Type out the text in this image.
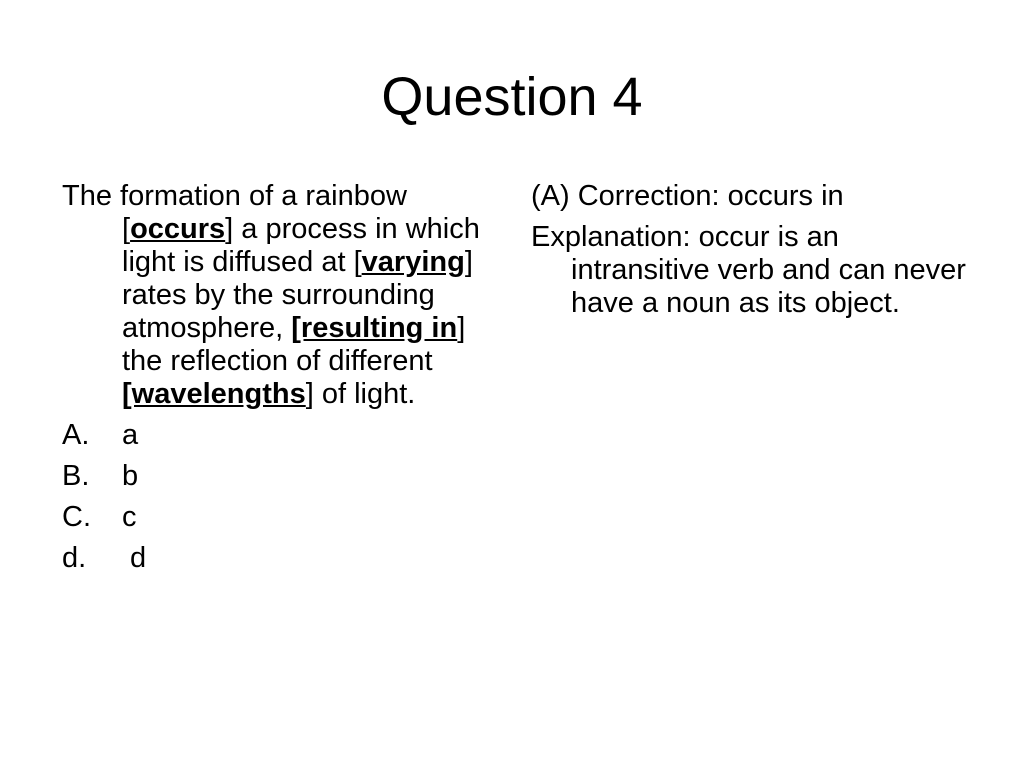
Question 4

The formation of a rainbow [occurs] a process in which light is diffused at [varying] rates by the surrounding atmosphere, [resulting in] the reflection of different [wavelengths] of light.

A.	a
B.	b
C.	c
d.	d

(A) Correction: occurs in

Explanation: occur is an intransitive verb and can never have a noun as its object.
